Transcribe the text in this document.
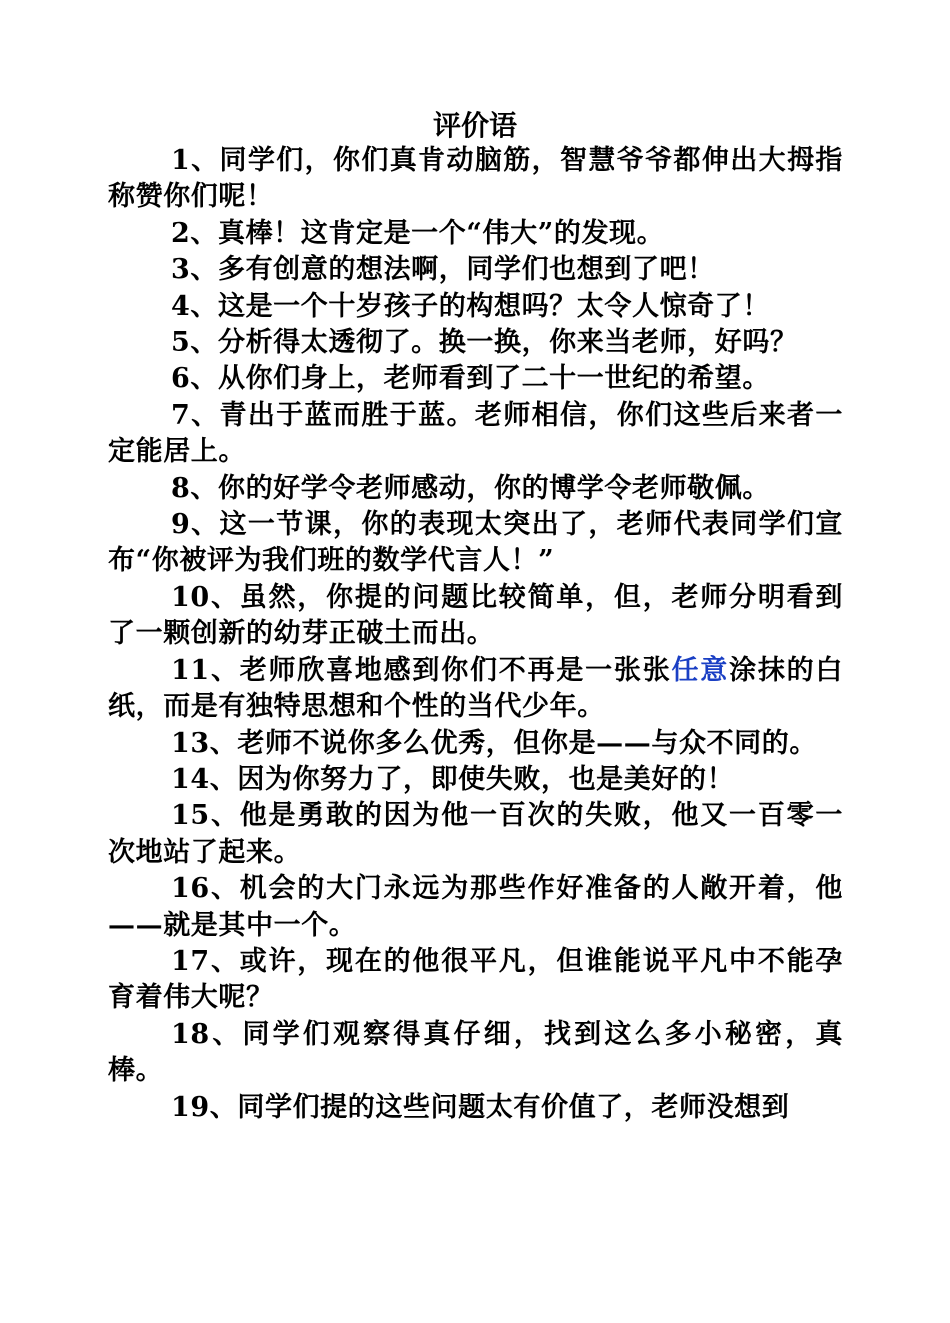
评价语

1、同学们，你们真肯动脑筋，智慧爷爷都伸出大拇指称赞你们呢！

2、真棒！这肯定是一个“伟大”的发现。

3、多有创意的想法啊，同学们也想到了吧！

4、这是一个十岁孩子的构想吗？太令人惊奇了！

5、分析得太透彻了。换一换，你来当老师，好吗？

6、从你们身上，老师看到了二十一世纪的希望。

7、青出于蓝而胜于蓝。老师相信，你们这些后来者一定能居上。

8、你的好学令老师感动，你的博学令老师敬佩。

9、这一节课，你的表现太突出了，老师代表同学们宣布“你被评为我们班的数学代言人！”

10、虽然，你提的问题比较简单，但，老师分明看到了一颗创新的幼芽正破土而出。

11、老师欣喜地感到你们不再是一张张任意涂抹的白纸，而是有独特思想和个性的当代少年。

13、老师不说你多么优秀，但你是——与众不同的。

14、因为你努力了，即使失败，也是美好的！

15、他是勇敢的因为他一百次的失败，他又一百零一次地站了起来。

16、机会的大门永远为那些作好准备的人敞开着，他——就是其中一个。

17、或许，现在的他很平凡，但谁能说平凡中不能孕育着伟大呢？

18、同学们观察得真仔细，找到这么多小秘密，真棒。

19、同学们提的这些问题太有价值了，老师没想到
